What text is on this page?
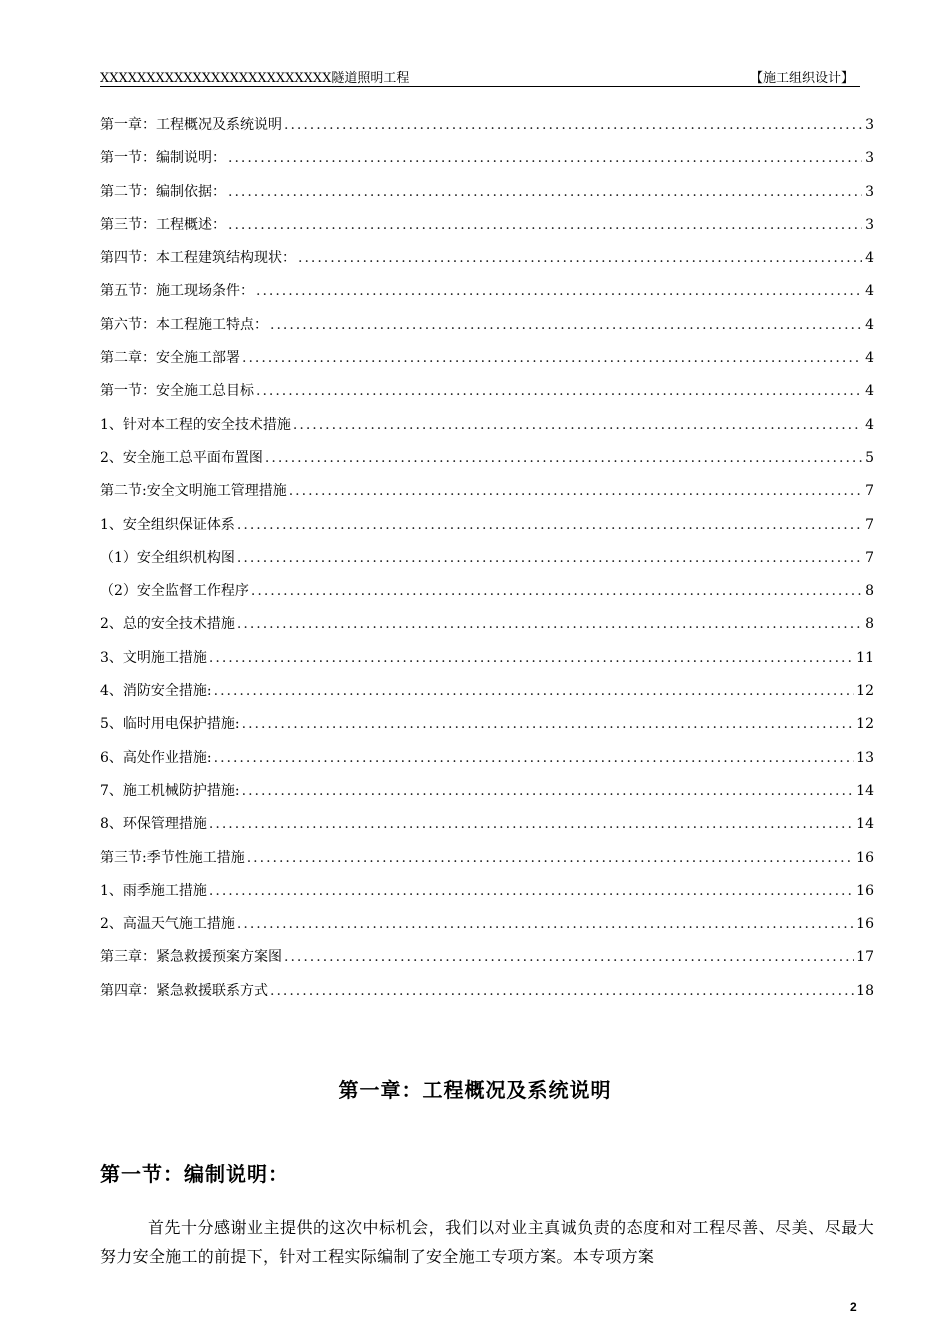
XXXXXXXXXXXXXXXXXXXXXXXXX隧道照明工程	【施工组织设计】
第一章：工程概况及系统说明 .....	3
第一节：编制说明： .....	3
第二节：编制依据： .....	3
第三节：工程概述： .....	3
第四节：本工程建筑结构现状： .....	4
第五节：施工现场条件： .....	4
第六节：本工程施工特点： .....	4
第二章：安全施工部署 .....	4
第一节：安全施工总目标 .....	4
1、针对本工程的安全技术措施 .....	4
2、安全施工总平面布置图 .....	5
第二节:安全文明施工管理措施 .....	7
1、安全组织保证体系 .....	7
（1）安全组织机构图 .....	7
（2）安全监督工作程序 .....	8
2、总的安全技术措施 .....	8
3、文明施工措施 .....	11
4、消防安全措施: .....	12
5、临时用电保护措施: .....	12
6、高处作业措施: .....	13
7、施工机械防护措施: .....	14
8、环保管理措施 .....	14
第三节:季节性施工措施 .....	16
1、雨季施工措施 .....	16
2、高温天气施工措施 .....	16
第三章：紧急救援预案方案图 .....	17
第四章：紧急救援联系方式 .....	18
第一章：工程概况及系统说明
第一节：编制说明：
首先十分感谢业主提供的这次中标机会，我们以对业主真诚负责的态度和对工程尽善、尽美、尽最大努力安全施工的前提下，针对工程实际编制了安全施工专项方案。本专项方案
2
